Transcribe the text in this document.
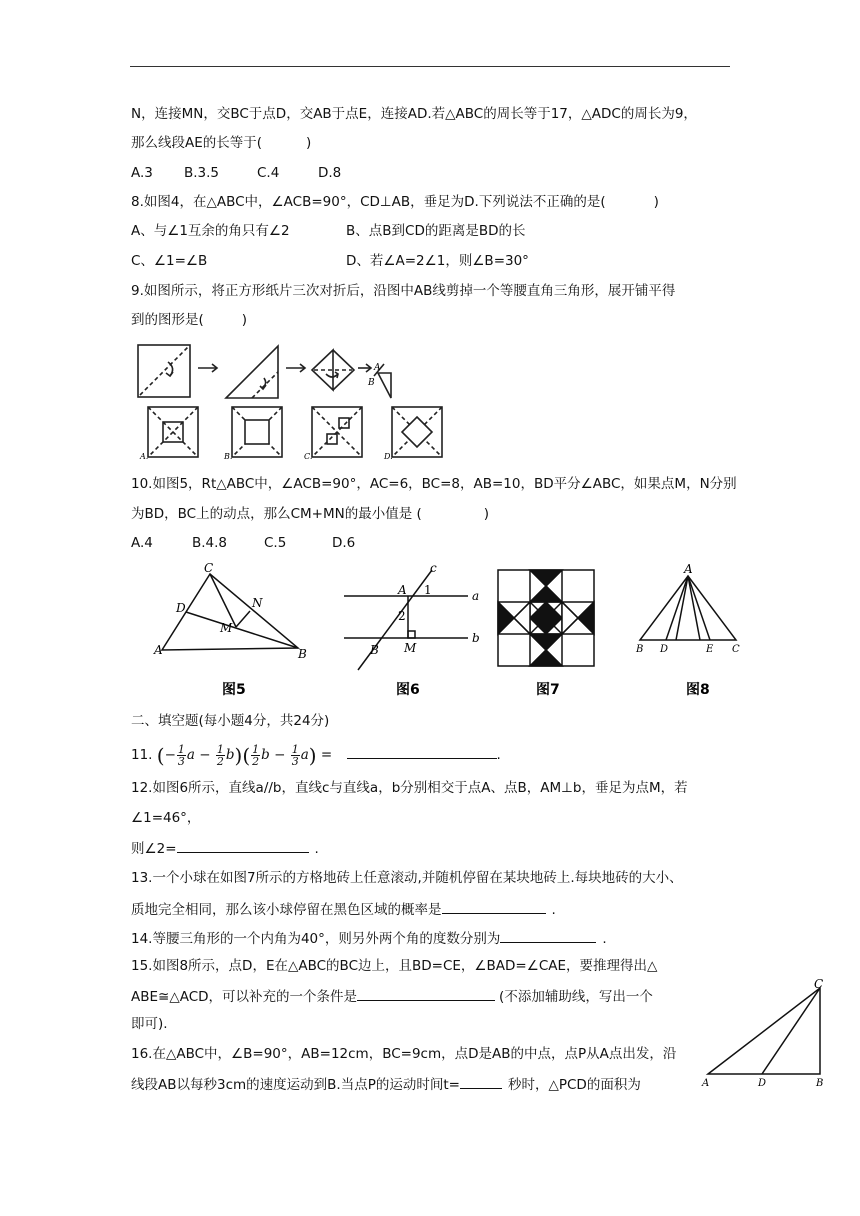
N，连接MN，交BC于点D，交AB于点E，连接AD.若△ABC的周长等于17，△ADC的周长为9，
那么线段AE的长等于(	)
A.3 B.3.5	C.4	D.8
8.如图4，在△ABC中，∠ACB=90°，CD⊥AB，垂足为D.下列说法不正确的是(	)
A、与∠1互余的角只有∠2	B、点B到CD的距离是BD的长
C、∠1=∠B	D、若∠A=2∠1，则∠B=30°
9.如图所示，将正方形纸片三次对折后，沿图中AB线剪掉一个等腰直角三角形，展开铺平得
到的图形是(	)
A
B
A.	B.	C.	D.
10.如图5，Rt△ABC中，∠ACB=90°，AC=6，BC=8，AB=10，BD平分∠ABC，如果点M，N分别
为BD，BC上的动点，那么CM+MN的最小值是 (	)
A.4	B.4.8	C.5	D.6
C
D	N
M
A	B
图5
c
A 1	a
2
B M
b
图6	图7
A
B D	E C
图8
二、填空题(每小题4分，共24分)
11. (− $\frac{1}{3}$ $a - \frac{1}{2} b)( \frac{1}{2}$ $b - \frac{1}{3} a$) =	.
12.如图6所示，直线a//b，直线c与直线a，b分别相交于点A、点B，AM⊥b，垂足为点M，若
∠1=46°，
则∠2=	.
13.一个小球在如图7所示的方格地砖上任意滚动,并随机停留在某块地砖上.每块地砖的大小、
质地完全相同，那么该小球停留在黑色区域的概率是	.
14.等腰三角形的一个内角为40°，则另外两个角的度数分别为	.
15.如图8所示，点D，E在△ABC的BC边上，且BD=CE，∠BAD=∠CAE，要推理得出△
ABE≅△ACD，可以补充的一个条件是	(不添加辅助线，写出一个
即可).
16.在△ABC中，∠B=90°，AB=12cm，BC=9cm，点D是AB的中点，点P从A点出发，沿
线段AB以每秒3cm的速度运动到B.当点P的运动时间t=	秒时，△PCD的面积为
C
A	D	B
